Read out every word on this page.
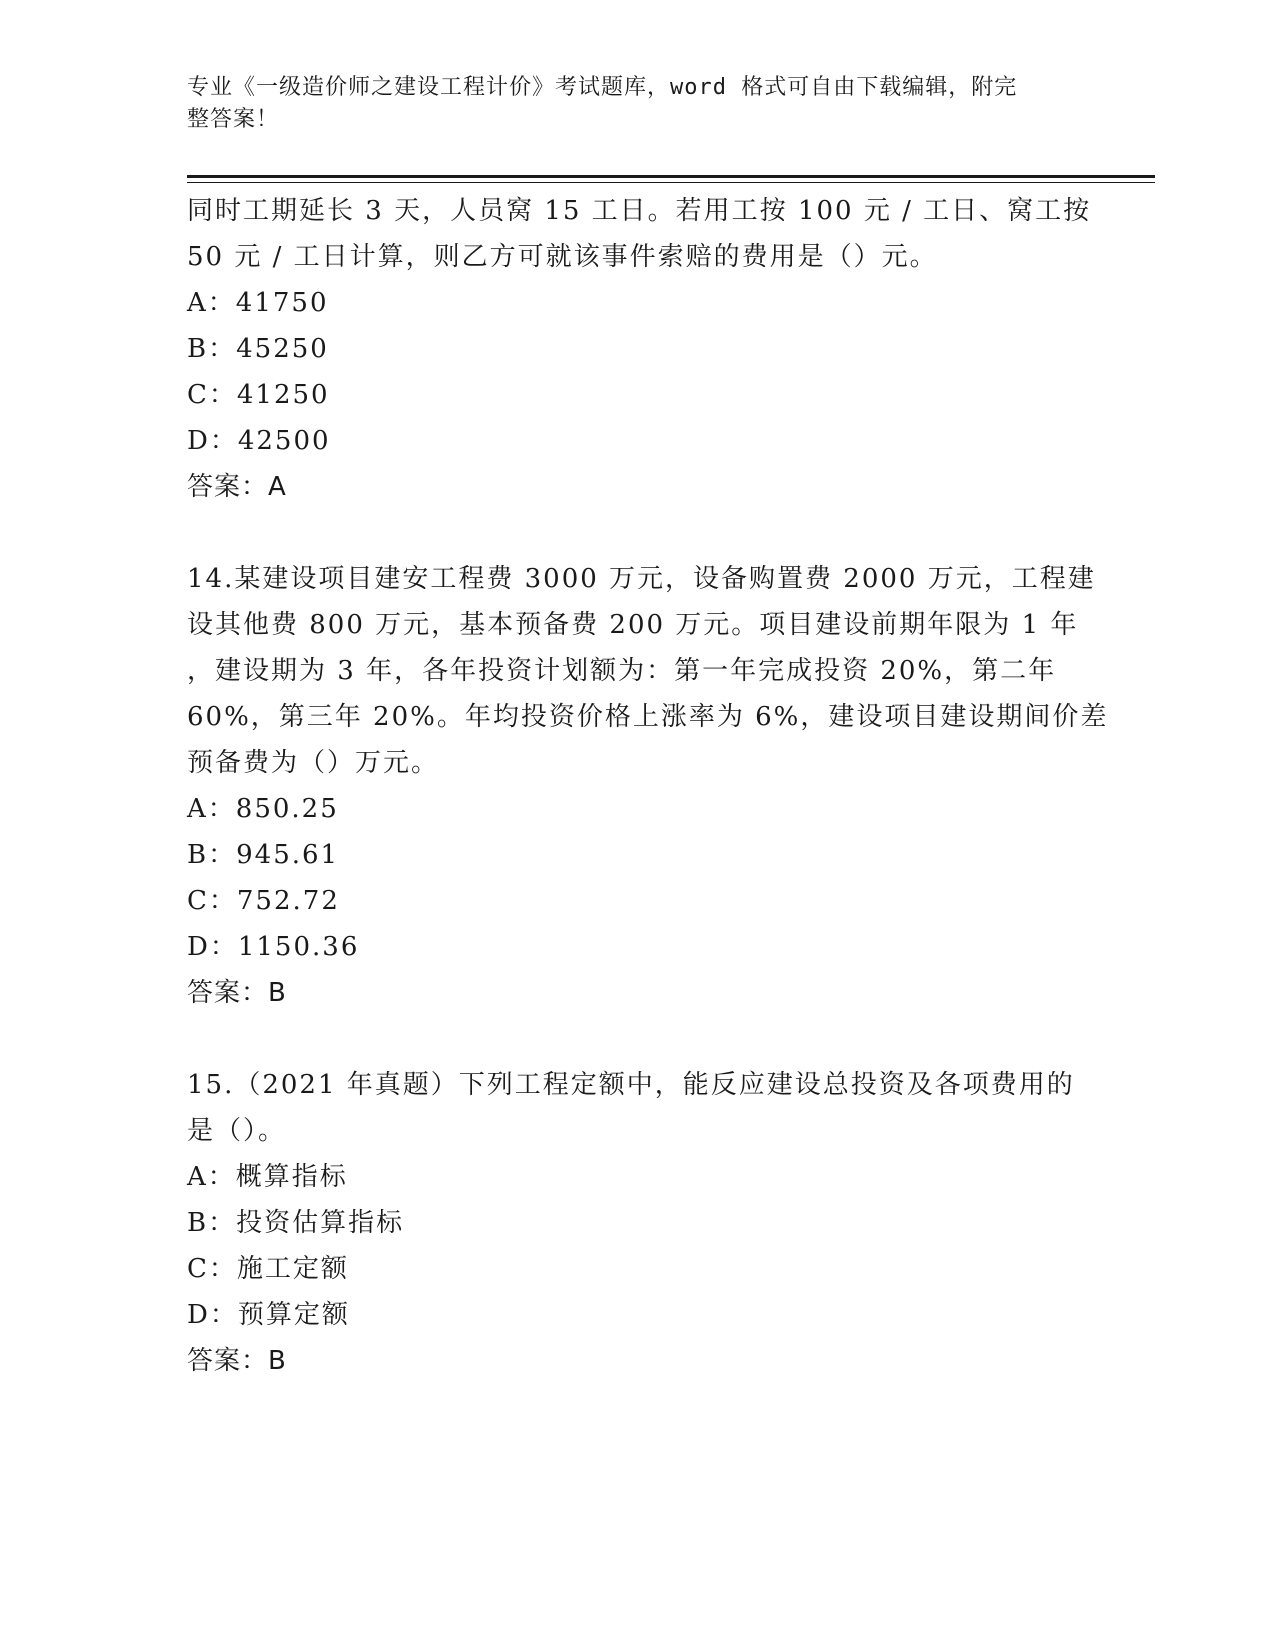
专业《一级造价师之建设工程计价》考试题库，word 格式可自由下载编辑，附完
整答案！
同时工期延长 3 天，人员窝 15 工日。若用工按 100 元 / 工日、窝工按
50 元 / 工日计算，则乙方可就该事件索赔的费用是（）元。
A：41750
B：45250
C：41250
D：42500
答案：A
14.某建设项目建安工程费 3000 万元，设备购置费 2000 万元，工程建
设其他费 800 万元，基本预备费 200 万元。项目建设前期年限为 1 年
，建设期为 3 年，各年投资计划额为：第一年完成投资 20%，第二年
60%，第三年 20%。年均投资价格上涨率为 6%，建设项目建设期间价差
预备费为（）万元。
A：850.25
B：945.61
C：752.72
D：1150.36
答案：B
15.（2021 年真题）下列工程定额中，能反应建设总投资及各项费用的
是（）。
A：概算指标
B：投资估算指标
C：施工定额
D：预算定额
答案：B
